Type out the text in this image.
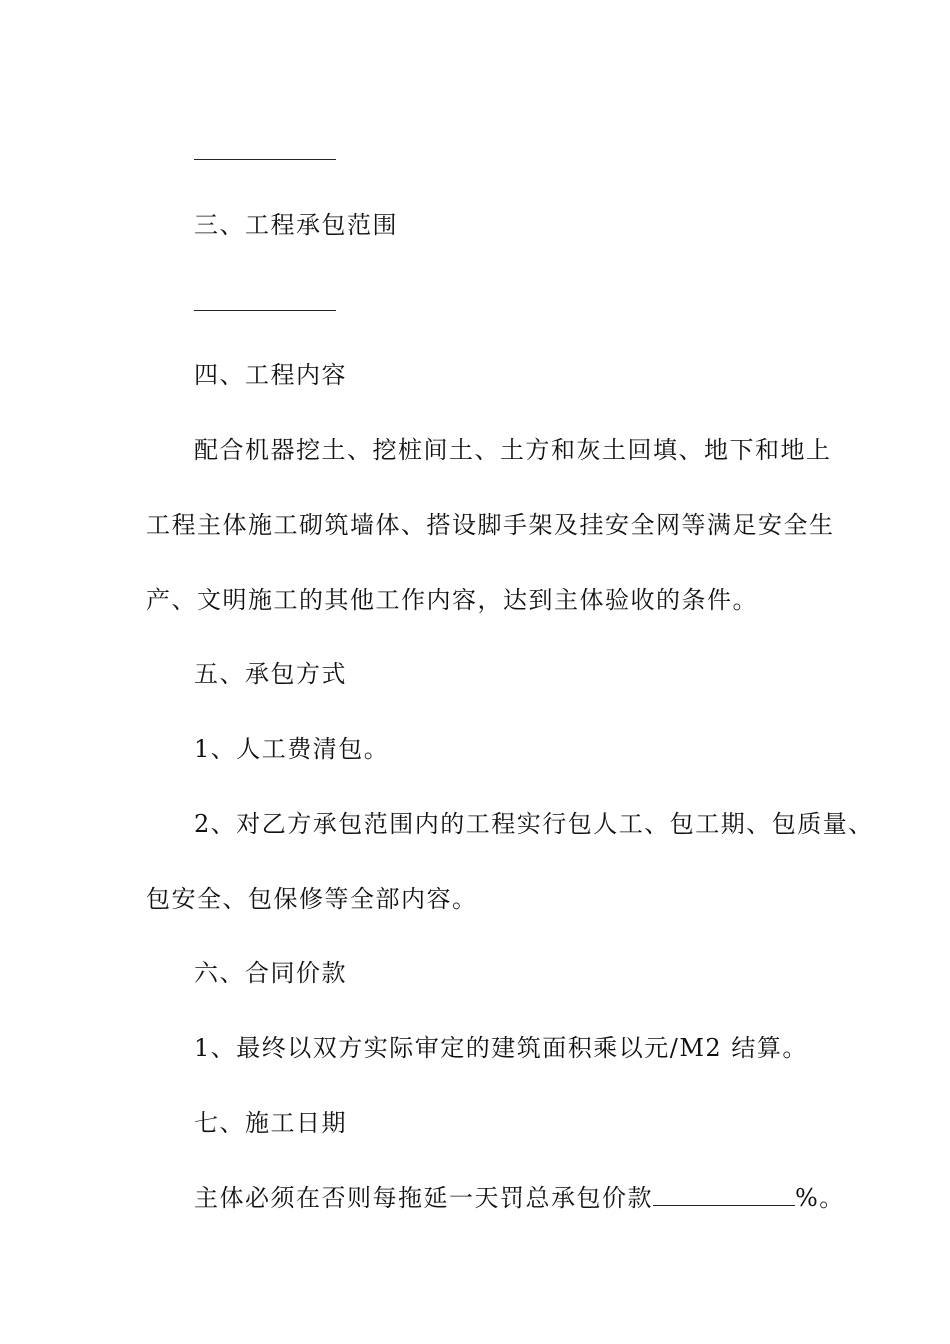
三、工程承包范围
四、工程内容
配合机器挖土、挖桩间土、土方和灰土回填、地下和地上
工程主体施工砌筑墙体、搭设脚手架及挂安全网等满足安全生
产、文明施工的其他工作内容，达到主体验收的条件。
五、承包方式
1、人工费清包。
2、对乙方承包范围内的工程实行包人工、包工期、包质量、
包安全、包保修等全部内容。
六、合同价款
1、最终以双方实际审定的建筑面积乘以元/M2 结算。
七、施工日期
主体必须在否则每拖延一天罚总承包价款	%。
